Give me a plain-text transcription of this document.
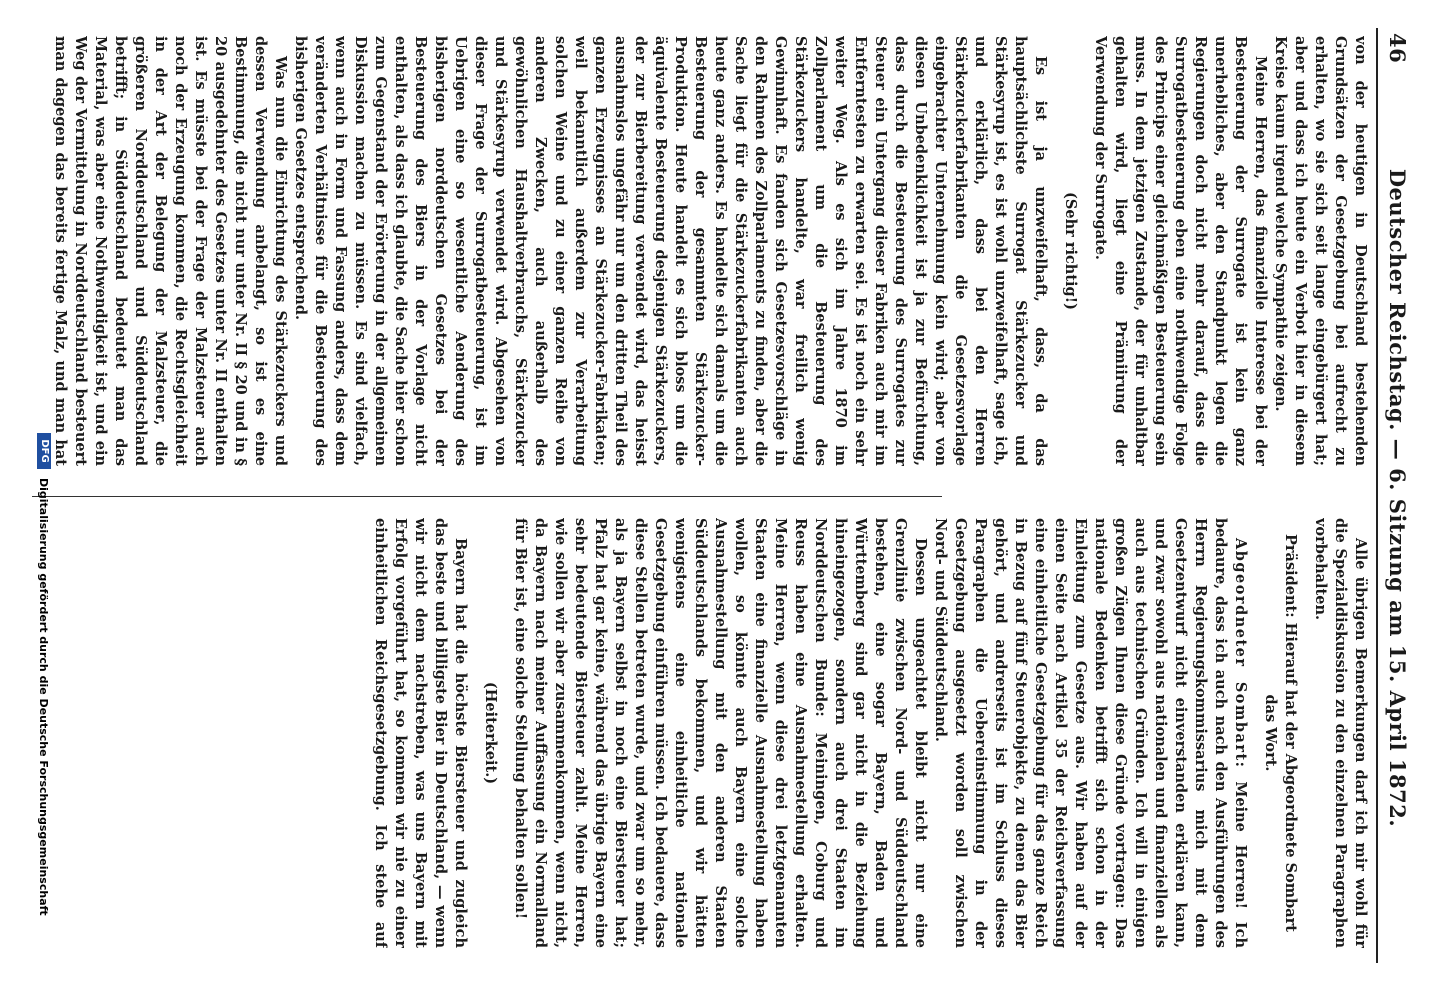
46
Deutscher Reichstag. — 6. Sitzung am 15. April 1872.

von der heutigen in Deutschland bestehenden Grundsätzen der Gesetzgebung bei aufrecht zu erhalten, wo sie sich seit lange eingebürgert hat; aber und dass ich heute ein Verbot hier in diesem Kreise kaum irgend welche Sympathie zeigen.

Meine Herren, das finanzielle Interesse bei der Besteuerung der Surrogate ist kein ganz unerhebliches, aber den Standpunkt legen die Regierungen doch nicht mehr darauf, dass die Surrogatbesteuerung eben eine nothwendige Folge des Princips einer gleichmäßigen Besteuerung sein muss. In dem jetzigen Zustande, der für unhaltbar gehalten wird, liegt eine Prämiirung der Verwendung der Surrogate.

(Sehr richtig!)

Es ist ja unzweifelhaft, dass, da das hauptsächlichste Surrogat Stärkezucker und Stärkesyrup ist, es ist wohl unzweifelhaft, sage ich, und erklärlich, dass bei den Herren Stärkezuckerfabrikanten die Gesetzesvorlage eingebrachter Unternehmung kein wird; aber von diesen Unbedenklichkeit ist ja zur Befürchtung, dass durch die Besteuerung des Surrogates zur Steuer ein Untergang dieser Fabriken auch mir im Entferntesten zu erwarten sei. Es ist noch ein sehr weiter Weg. Als es sich im Jahre 1870 im Zollparlament um die Besteuerung des Stärkezuckers handelte, war freilich wenig Gewinnhaft. Es fanden sich Gesetzesvorschläge in den Rahmen des Zollparlaments zu finden, aber die Sache liegt für die Stärkezuckerfabrikanten auch heute ganz anders. Es handelte sich damals um die Besteuerung der gesammten Stärkezucker-Produktion. Heute handelt es sich bloss um die äquivalente Besteuerung desjenigen Stärkezuckers, der zur Bierbereitung verwendet wird, das heisst ausnahmslos ungefähr nur um den dritten Theil des ganzen Erzeugnisses an Stärkezucker-Fabrikaten; weil bekanntlich außerdem zur Verarbeitung solchen Weine und zu einer ganzen Reihe von anderen Zwecken, auch außerhalb des gewöhnlichen Haushaltverbrauchs, Stärkezucker und Stärkesyrup verwendet wird. Abgesehen von dieser Frage der Surrogatbesteuerung, ist im Uebrigen eine so wesentliche Aenderung des bisherigen norddeutschen Gesetzes bei der Besteuerung des Biers in der Vorlage nicht enthalten, als dass ich glaubte, die Sache hier schon zum Gegenstand der Erörterung in der allgemeinen Diskussion machen zu müssen. Es sind vielfach, wenn auch in Form und Fassung anders, dass dem veränderten Verhältnisse für die Besteuerung des bisherigen Gesetzes entsprechend.

Was nun die Einrichtung des Stärkezuckers und dessen Verwendung anbelangt, so ist es eine Bestimmung, die nicht nur unter Nr. II § 20 und in § 20 ausgedehnter des Gesetzes unter Nr. II enthalten ist. Es müsste bei der Frage der Malzsteuer auch noch der Erzeugung kommen, die Rechtsgleichheit in der Art der Belegung der Malzsteuer, die größeren Norddeutschland und Süddeutschland betrifft; in Süddeutschland bedeutet man das Material, was aber eine Nothwendigkeit ist, und ein Weg der Vermittelung in Norddeutschland besteuert man dagegen das bereits fertige Malz, und man hat

Alle übrigen Bemerkungen darf ich mir wohl für die Spezialdiskussion zu den einzelnen Paragraphen vorbehalten.

Präsident: Hierauf hat der Abgeordnete Sombart das Wort.

Abgeordneter Sombart: Meine Herren! Ich bedaure, dass ich auch nach den Ausführungen des Herrn Regierungskommissarius mich mit dem Gesetzentwurf nicht einverstanden erklären kann, und zwar sowohl aus nationalen und finanziellen als auch aus technischen Gründen. Ich will in einigen großen Zügen Ihnen diese Gründe vortragen: Das nationale Bedenken betrifft sich schon in der Einleitung zum Gesetze aus. Wir haben auf der einen Seite nach Artikel 35 der Reichsverfassung eine einheitliche Gesetzgebung für das ganze Reich in Bezug auf fünf Steuerobjekte, zu denen das Bier gehört, und andrerseits ist im Schluss dieses Paragraphen die Uebereinstimmung in der Gesetzgebung ausgesetzt worden soll zwischen Nord- und Süddeutschland.

Dessen ungeachtet bleibt nicht nur eine Grenzlinie zwischen Nord- und Süddeutschland bestehen, eine sogar Bayern, Baden und Württemberg sind gar nicht in die Beziehung hineingezogen, sondern auch drei Staaten im Norddeutschen Bunde: Meiningen, Coburg und Reuss haben eine Ausnahmestellung erhalten. Meine Herren, wenn diese drei letztgenannten Staaten eine finanzielle Ausnahmestellung haben wollen, so könnte auch Bayern eine solche Ausnahmestellung mit den anderen Staaten Süddeutschlands bekommen, und wir hätten wenigstens eine einheitliche nationale Gesetzgebung einführen müssen. Ich bedauere, dass diese Stellen betreten wurde, und zwar um so mehr, als ja Bayern selbst in noch eine Biersteuer hat; Pfalz hat gar keine, während das übrige Bayern eine sehr bedeutende Biersteuer zahlt. Meine Herren, wie sollen wir aber zusammenkommen, wenn nicht, da Bayern nach meiner Auffassung ein Normalland für Bier ist, eine solche Stellung behalten sollen!

(Heiterkeit.)

Bayern hat die höchste Biersteuer und zugleich das beste und billigste Bier in Deutschland, — wenn wir nicht dem nachstreben, was uns Bayern mit Erfolg vorgeführt hat, so kommen wir nie zu einer einheitlichen Reichsgesetzgebung. Ich stehe auf

DFG
Digitalisierung gefördert durch die Deutsche Forschungsgemeinschaft
